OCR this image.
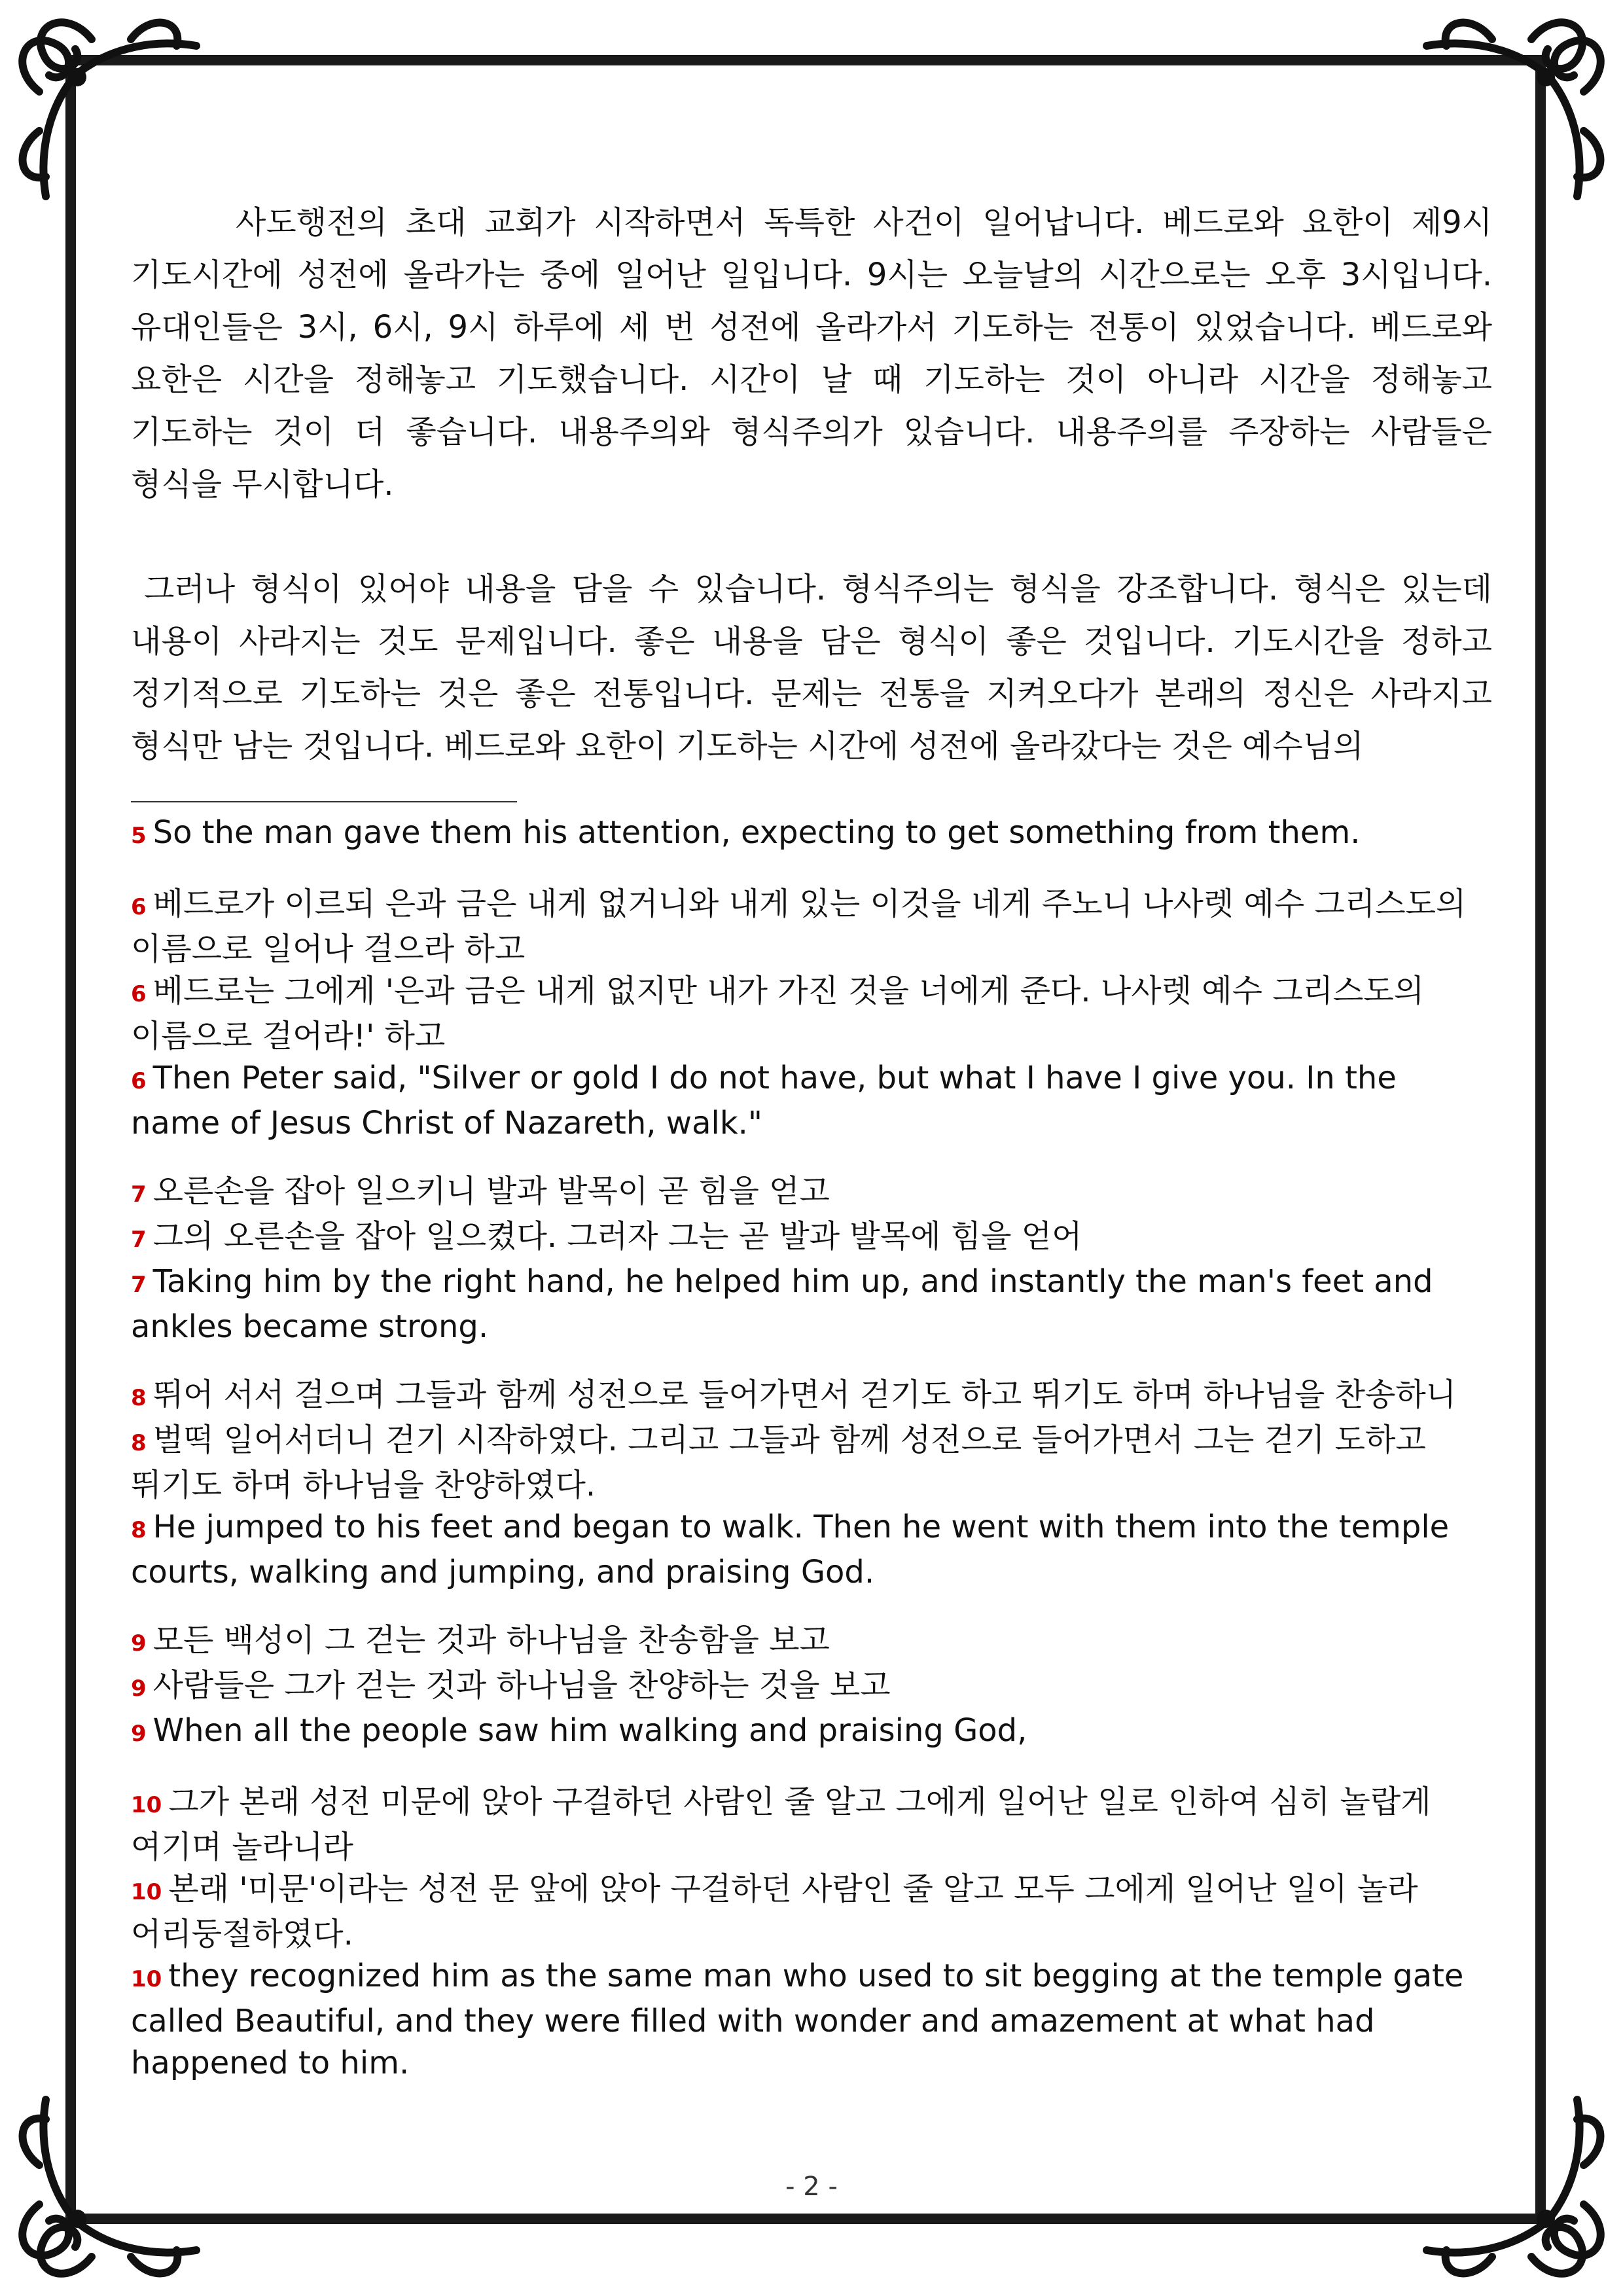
사도행전의 초대 교회가 시작하면서 독특한 사건이 일어납니다. 베드로와 요한이 제9시 기도시간에 성전에 올라가는 중에 일어난 일입니다. 9시는 오늘날의 시간으로는 오후 3시입니다. 유대인들은 3시, 6시, 9시 하루에 세 번 성전에 올라가서 기도하는 전통이 있었습니다. 베드로와 요한은 시간을 정해놓고 기도했습니다. 시간이 날 때 기도하는 것이 아니라 시간을 정해놓고 기도하는 것이 더 좋습니다. 내용주의와 형식주의가 있습니다. 내용주의를 주장하는 사람들은 형식을 무시합니다.

그러나 형식이 있어야 내용을 담을 수 있습니다. 형식주의는 형식을 강조합니다. 형식은 있는데 내용이 사라지는 것도 문제입니다. 좋은 내용을 담은 형식이 좋은 것입니다. 기도시간을 정하고 정기적으로 기도하는 것은 좋은 전통입니다. 문제는 전통을 지켜오다가 본래의 정신은 사라지고 형식만 남는 것입니다. 베드로와 요한이 기도하는 시간에 성전에 올라갔다는 것은 예수님의

5 So the man gave them his attention, expecting to get something from them.

6 베드로가 이르되 은과 금은 내게 없거니와 내게 있는 이것을 네게 주노니 나사렛 예수 그리스도의 이름으로 일어나 걸으라 하고

6 베드로는 그에게 '은과 금은 내게 없지만 내가 가진 것을 너에게 준다. 나사렛 예수 그리스도의 이름으로 걸어라!' 하고

6 Then Peter said, "Silver or gold I do not have, but what I have I give you. In the name of Jesus Christ of Nazareth, walk."

7 오른손을 잡아 일으키니 발과 발목이 곧 힘을 얻고

7 그의 오른손을 잡아 일으켰다. 그러자 그는 곧 발과 발목에 힘을 얻어

7 Taking him by the right hand, he helped him up, and instantly the man's feet and ankles became strong.

8 뛰어 서서 걸으며 그들과 함께 성전으로 들어가면서 걷기도 하고 뛰기도 하며 하나님을 찬송하니

8 벌떡 일어서더니 걷기 시작하였다. 그리고 그들과 함께 성전으로 들어가면서 그는 걷기 도하고 뛰기도 하며 하나님을 찬양하였다.

8 He jumped to his feet and began to walk. Then he went with them into the temple courts, walking and jumping, and praising God.

9 모든 백성이 그 걷는 것과 하나님을 찬송함을 보고

9 사람들은 그가 걷는 것과 하나님을 찬양하는 것을 보고

9 When all the people saw him walking and praising God,

10 그가 본래 성전 미문에 앉아 구걸하던 사람인 줄 알고 그에게 일어난 일로 인하여 심히 놀랍게 여기며 놀라니라

10 본래 '미문'이라는 성전 문 앞에 앉아 구걸하던 사람인 줄 알고 모두 그에게 일어난 일이 놀라 어리둥절하였다.

10 they recognized him as the same man who used to sit begging at the temple gate called Beautiful, and they were filled with wonder and amazement at what had happened to him.

- 2 -
